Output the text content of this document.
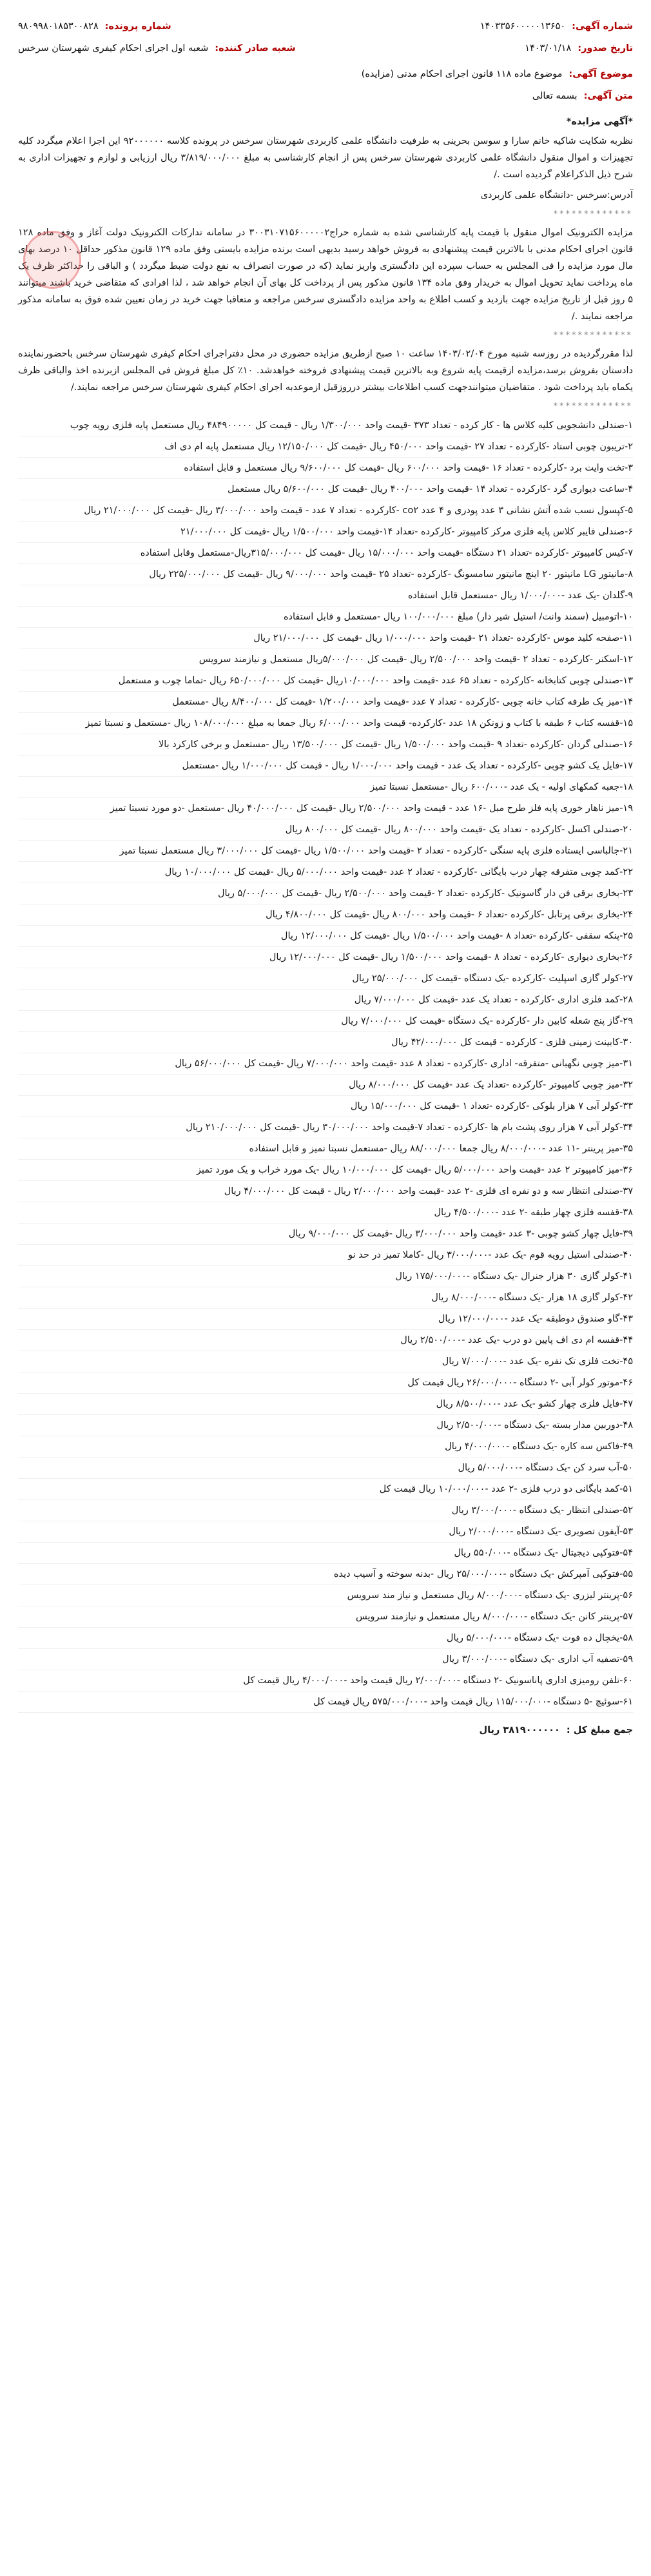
شماره آگهی:
۱۴۰۳۳۵۶۰۰۰۰۰۱۳۶۵۰
شماره پرونده:
۹۸۰۹۹۸۰۱۸۵۳۰۰۸۲۸
تاریخ صدور:
۱۴۰۳/۰۱/۱۸
شعبه صادر کننده:
شعبه اول اجرای احکام کیفری شهرستان سرخس
موضوع آگهی:
موضوع ماده ۱۱۸ قانون اجرای احکام مدنی (مزایده)
متن آگهی:
بسمه تعالی
*آگهی مزایده*

نظربه شکایت شاکیه خانم سارا و سوسن بحرینی به طرفیت دانشگاه علمی کاربردی شهرستان سرخس در پرونده کلاسه ۹۲۰۰۰۰۰۰ این اجرا اعلام میگردد کلیه تجهیزات و اموال منقول دانشگاه علمی کاربردی شهرستان سرخس پس از انجام کارشناسی به مبلغ ۳/۸۱۹/۰۰۰/۰۰۰ ریال ارزیابی و لوازم و تجهیزات اداری به شرح ذیل الذکراعلام گردیده است ./

آدرس:سرخس -دانشگاه علمی کاربردی

*************

مزایده الکترونیک اموال منقول با قیمت پایه کارشناسی شده به شماره حراج۳۰۰۳۱۰۷۱۵۶۰۰۰۰۰۲ در سامانه تدارکات الکترونیک دولت آغاز و وفق ماده ۱۲۸ قانون اجرای احکام مدنی با بالاترین قیمت پیشنهادی به فروش خواهد رسید بدیهی است برنده مزایده بایستی وفق ماده ۱۲۹ قانون مذکور حداقل ۱۰ درصد بهای مال مورد مزایده را فی المجلس به حساب سپرده این دادگستری واریز نماید (که در صورت انصراف به نفع دولت ضبط میگردد ) و الباقی را حداکثر ظرف یک ماه پرداخت نماید تحویل اموال به خریدار وفق ماده ۱۳۴ قانون مذکور پس از پرداخت کل بهای آن انجام خواهد شد ، لذا افرادی که متقاضی خرید باشند میتوانند ۵ روز قبل از تاریخ مزایده جهت بازدید و کسب اطلاع به واحد مزایده دادگستری سرخس مراجعه و متعاقبا جهت خرید در زمان تعیین شده فوق به سامانه مذکور مراجعه نمایند ./

*************

لذا مقررگردیده در روزسه شنبه مورخ ۱۴۰۳/۰۲/۰۴ ساعت ۱۰ صبح ازطریق مزایده حضوری در محل دفتراجرای احکام کیفری شهرستان سرخس باحضورنماینده دادستان بفروش برسد،مزایده ازقیمت پایه شروع وبه بالاترین قیمت پیشنهادی فروخته خواهدشد. ۱۰٪ کل مبلغ فروش فی المجلس ازبرنده اخذ والباقی ظرف یکماه باید پرداخت شود . متقاضیان میتوانندجهت کسب اطلاعات بیشتر درروزقبل ازموعدبه اجرای احکام کیفری شهرستان سرخس مراجعه نمایند./

*************
۱-صندلی دانشجویی کلیه کلاس ها - کار کرده - تعداد ۳۷۳ -قیمت واحد ۱/۳۰۰/۰۰۰ ریال - قیمت کل ۴۸۴۹۰۰۰۰۰ ریال مستعمل پایه فلزی رویه چوب
۲-تریبون چوبی استاد -کارکرده - تعداد ۲۷ -قیمت واحد ۴۵۰/۰۰۰ ریال -قیمت کل ۱۲/۱۵۰/۰۰۰ ریال مستعمل پایه ام دی اف
۳-تخت وایت برد -کارکرده - تعداد ۱۶ -قیمت واحد ۶۰۰/۰۰۰ ریال -قیمت کل ۹/۶۰۰/۰۰۰ ریال مستعمل و قابل استفاده
۴-ساعت دیواری گرد -کارکرده - تعداد ۱۴ -قیمت واحد ۴۰۰/۰۰۰ ریال -قیمت کل ۵/۶۰۰/۰۰۰ ریال مستعمل
۵-کپسول نسب شده آتش نشانی ۳ عدد پودری و ۴ عدد co۲ -کارکرده - تعداد ۷ عدد - قیمت واحد ۳/۰۰۰/۰۰۰ ریال -قیمت کل ۲۱/۰۰۰/۰۰۰ ریال
۶-صندلی فایبر کلاس پایه فلزی مرکز کامپیوتر -کارکرده -تعداد ۱۴-قیمت واحد ۱/۵۰۰/۰۰۰ ریال -قیمت کل ۲۱/۰۰۰/۰۰۰
۷-کیس کامپیوتر -کارکرده -تعداد ۲۱ دستگاه -قیمت واحد ۱۵/۰۰۰/۰۰۰ ریال -قیمت کل ۳۱۵/۰۰۰/۰۰۰ریال-مستعمل وقابل استفاده
۸-مانیتور LG مانیتور ۲۰ اینچ مانیتور سامسونگ -کارکرده -تعداد ۲۵ -قیمت واحد ۹/۰۰۰/۰۰۰ ریال -قیمت کل ۲۲۵/۰۰۰/۰۰۰ ریال
۹-گلدان -یک عدد -۱/۰۰۰/۰۰۰ ریال -مستعمل قابل استفاده
۱۰-اتومبیل (سمند وانت/ استیل شیر دار) مبلغ ۱۰۰/۰۰۰/۰۰۰ ریال -مستعمل و قابل استفاده
۱۱-صفحه کلید موس -کارکرده -تعداد ۲۱ -قیمت واحد ۱/۰۰۰/۰۰۰ ریال -قیمت کل ۲۱/۰۰۰/۰۰۰ ریال
۱۲-اسکنر -کارکرده - تعداد ۲ -قیمت واحد ۲/۵۰۰/۰۰۰ ریال -قیمت کل ۵/۰۰۰/۰۰۰ریال مستعمل و نیازمند سرویس
۱۳-صندلی چوبی کتابخانه -کارکرده - تعداد ۶۵ عدد -قیمت واحد ۱۰/۰۰۰/۰۰۰ریال -قیمت کل ۶۵۰/۰۰۰/۰۰۰ ریال -تماما چوب و مستعمل
۱۴-میز یک طرفه کتاب خانه چوبی -کارکرده - تعداد ۷ عدد -قیمت واحد ۱/۲۰۰/۰۰۰ -قیمت کل ۸/۴۰۰/۰۰۰ ریال -مستعمل
۱۵-قفسه کتاب ۶ طبقه با کتاب و زونکن ۱۸ عدد -کارکرده- قیمت واحد ۶/۰۰۰/۰۰۰ ریال جمعا به مبلغ ۱۰۸/۰۰۰/۰۰۰ ریال -مستعمل و نسبتا تمیز
۱۶-صندلی گردان -کارکرده -تعداد ۹ -قیمت واحد ۱/۵۰۰/۰۰۰ ریال -قیمت کل ۱۳/۵۰۰/۰۰۰ ریال -مستعمل و برخی کارکرد بالا
۱۷-فایل یک کشو چوبی -کارکرده - تعداد یک عدد - قیمت واحد ۱/۰۰۰/۰۰۰ ریال - قیمت کل ۱/۰۰۰/۰۰۰ ریال -مستعمل
۱۸-جعبه کمکهای اولیه - یک عدد -۶۰۰/۰۰۰ ریال -مستعمل نسبتا تمیز
۱۹-میز ناهار خوری پایه فلز طرح مبل -۱۶ عدد - قیمت واحد ۲/۵۰۰/۰۰۰ ریال -قیمت کل ۴۰/۰۰۰/۰۰۰ ریال -مستعمل -دو مورد نسبتا تمیز
۲۰-صندلی اکسل -کارکرده - تعداد یک -قیمت واحد ۸۰۰/۰۰۰ ریال -قیمت کل ۸۰۰/۰۰۰ ریال
۲۱-جالباسی ایستاده فلزی پایه سنگی -کارکرده - تعداد ۲ -قیمت واحد ۱/۵۰۰/۰۰۰ ریال -قیمت کل ۳/۰۰۰/۰۰۰ ریال مستعمل نسبتا تمیز
۲۲-کمد چوبی متفرقه چهار درب بایگانی -کارکرده - تعداد ۲ عدد -قیمت واحد ۵/۰۰۰/۰۰۰ ریال -قیمت کل ۱۰/۰۰۰/۰۰۰ ریال
۲۳-بخاری برقی فن دار گاسونیک -کارکرده -تعداد ۲ -قیمت واحد ۲/۵۰۰/۰۰۰ ریال -قیمت کل ۵/۰۰۰/۰۰۰ ریال
۲۴-بخاری برقی پرتابل -کارکرده -تعداد ۶ -قیمت واحد ۸۰۰/۰۰۰ ریال -قیمت کل ۴/۸۰۰/۰۰۰ ریال
۲۵-پنکه سقفی -کارکرده -تعداد ۸ -قیمت واحد ۱/۵۰۰/۰۰۰ ریال -قیمت کل ۱۲/۰۰۰/۰۰۰ ریال
۲۶-بخاری دیواری -کارکرده - تعداد ۸ -قیمت واحد ۱/۵۰۰/۰۰۰ ریال -قیمت کل ۱۲/۰۰۰/۰۰۰ ریال
۲۷-کولر گازی اسپلیت -کارکرده -یک دستگاه -قیمت کل ۲۵/۰۰۰/۰۰۰ ریال
۲۸-کمد فلزی اداری -کارکرده - تعداد یک عدد -قیمت کل ۷/۰۰۰/۰۰۰ ریال
۲۹-گاز پنج شعله کابین دار -کارکرده -یک دستگاه -قیمت کل ۷/۰۰۰/۰۰۰ ریال
۳۰-کابینت زمینی فلزی - کارکرده - قیمت کل ۴۲/۰۰۰/۰۰۰ ریال
۳۱-میز چوبی نگهبانی -متفرقه- اداری -کارکرده - تعداد ۸ عدد -قیمت واحد ۷/۰۰۰/۰۰۰ ریال -قیمت کل ۵۶/۰۰۰/۰۰۰ ریال
۳۲-میز چوبی کامپیوتر -کارکرده -تعداد یک عدد -قیمت کل ۸/۰۰۰/۰۰۰ ریال
۳۳-کولر آبی ۷ هزار بلوکی -کارکرده -تعداد ۱ -قیمت کل ۱۵/۰۰۰/۰۰۰ ریال
۳۴-کولر آبی ۷ هزار روی پشت بام ها -کارکرده - تعداد ۷-قیمت واحد ۳۰/۰۰۰/۰۰۰ ریال -قیمت کل ۲۱۰/۰۰۰/۰۰۰ ریال
۳۵-میز پرینتر -۱۱ عدد -۸/۰۰۰/۰۰۰ ریال جمعا ۸۸/۰۰۰/۰۰۰ ریال -مستعمل نسبتا تمیز و قابل استفاده
۳۶-میز کامپیوتر ۲ عدد -قیمت واحد ۵/۰۰۰/۰۰۰ ریال -قیمت کل ۱۰/۰۰۰/۰۰۰ ریال -یک مورد خراب و یک مورد تمیز
۳۷-صندلی انتظار سه و دو نفره ای فلزی -۲ عدد -قیمت واحد ۲/۰۰۰/۰۰۰ ریال - قیمت کل ۴/۰۰۰/۰۰۰ ریال
۳۸-قفسه فلزی چهار طبقه -۲ عدد -۴/۵۰۰/۰۰۰ ریال
۳۹-فایل چهار کشو چوبی -۳ عدد -قیمت واحد ۳/۰۰۰/۰۰۰ ریال -قیمت کل ۹/۰۰۰/۰۰۰ ریال
۴۰-صندلی استیل رویه قوم -یک عدد -۳/۰۰۰/۰۰۰ ریال -کاملا تمیز در حد نو
۴۱-کولر گازی ۳۰ هزار جنرال -یک دستگاه -۱۷۵/۰۰۰/۰۰۰ ریال
۴۲-کولر گازی ۱۸ هزار -یک دستگاه -۸/۰۰۰/۰۰۰ ریال
۴۳-گاو صندوق دوطبقه -یک عدد -۱۲/۰۰۰/۰۰۰ ریال
۴۴-قفسه ام دی اف پایین دو درب -یک عدد -۲/۵۰۰/۰۰۰ ریال
۴۵-تخت فلزی تک نفره -یک عدد -۷/۰۰۰/۰۰۰ ریال
۴۶-موتور کولر آبی -۲ دستگاه -۲۶/۰۰۰/۰۰۰ ریال قیمت کل
۴۷-فایل فلزی چهار کشو -یک عدد -۸/۵۰۰/۰۰۰ ریال
۴۸-دوربین مدار بسته -یک دستگاه -۲/۵۰۰/۰۰۰ ریال
۴۹-فاکس سه کاره -یک دستگاه -۴/۰۰۰/۰۰۰ ریال
۵۰-آب سرد کن -یک دستگاه -۵/۰۰۰/۰۰۰ ریال
۵۱-کمد بایگانی دو درب فلزی -۲ عدد -۱۰/۰۰۰/۰۰۰ ریال قیمت کل
۵۲-صندلی انتظار -یک دستگاه -۳/۰۰۰/۰۰۰ ریال
۵۳-آیفون تصویری -یک دستگاه -۲/۰۰۰/۰۰۰ ریال
۵۴-فتوکپی دیجیتال -یک دستگاه -۵۵۰/۰۰۰ ریال
۵۵-فتوکپی آمپرکش -یک دستگاه -۲۵/۰۰۰/۰۰۰ ریال -بدنه سوخته و آسیب دیده
۵۶-پرینتر لیزری -یک دستگاه -۸/۰۰۰/۰۰۰ ریال مستعمل و نیاز مند سرویس
۵۷-پرینتر کانن -یک دستگاه -۸/۰۰۰/۰۰۰ ریال مستعمل و نیازمند سرویس
۵۸-یخچال ده فوت -یک دستگاه -۵/۰۰۰/۰۰۰ ریال
۵۹-تصفیه آب اداری -یک دستگاه -۳/۰۰۰/۰۰۰ ریال
۶۰-تلفن رومیزی اداری پاناسونیک -۲ دستگاه -۲/۰۰۰/۰۰۰ ریال قیمت واحد -۴/۰۰۰/۰۰۰ ریال قیمت کل
۶۱-سوئیچ -۵ دستگاه -۱۱۵/۰۰۰/۰۰۰ ریال قیمت واحد -۵۷۵/۰۰۰/۰۰۰ ریال قیمت کل
جمع مبلغ کل :
۳۸۱۹۰۰۰۰۰۰ ریال
